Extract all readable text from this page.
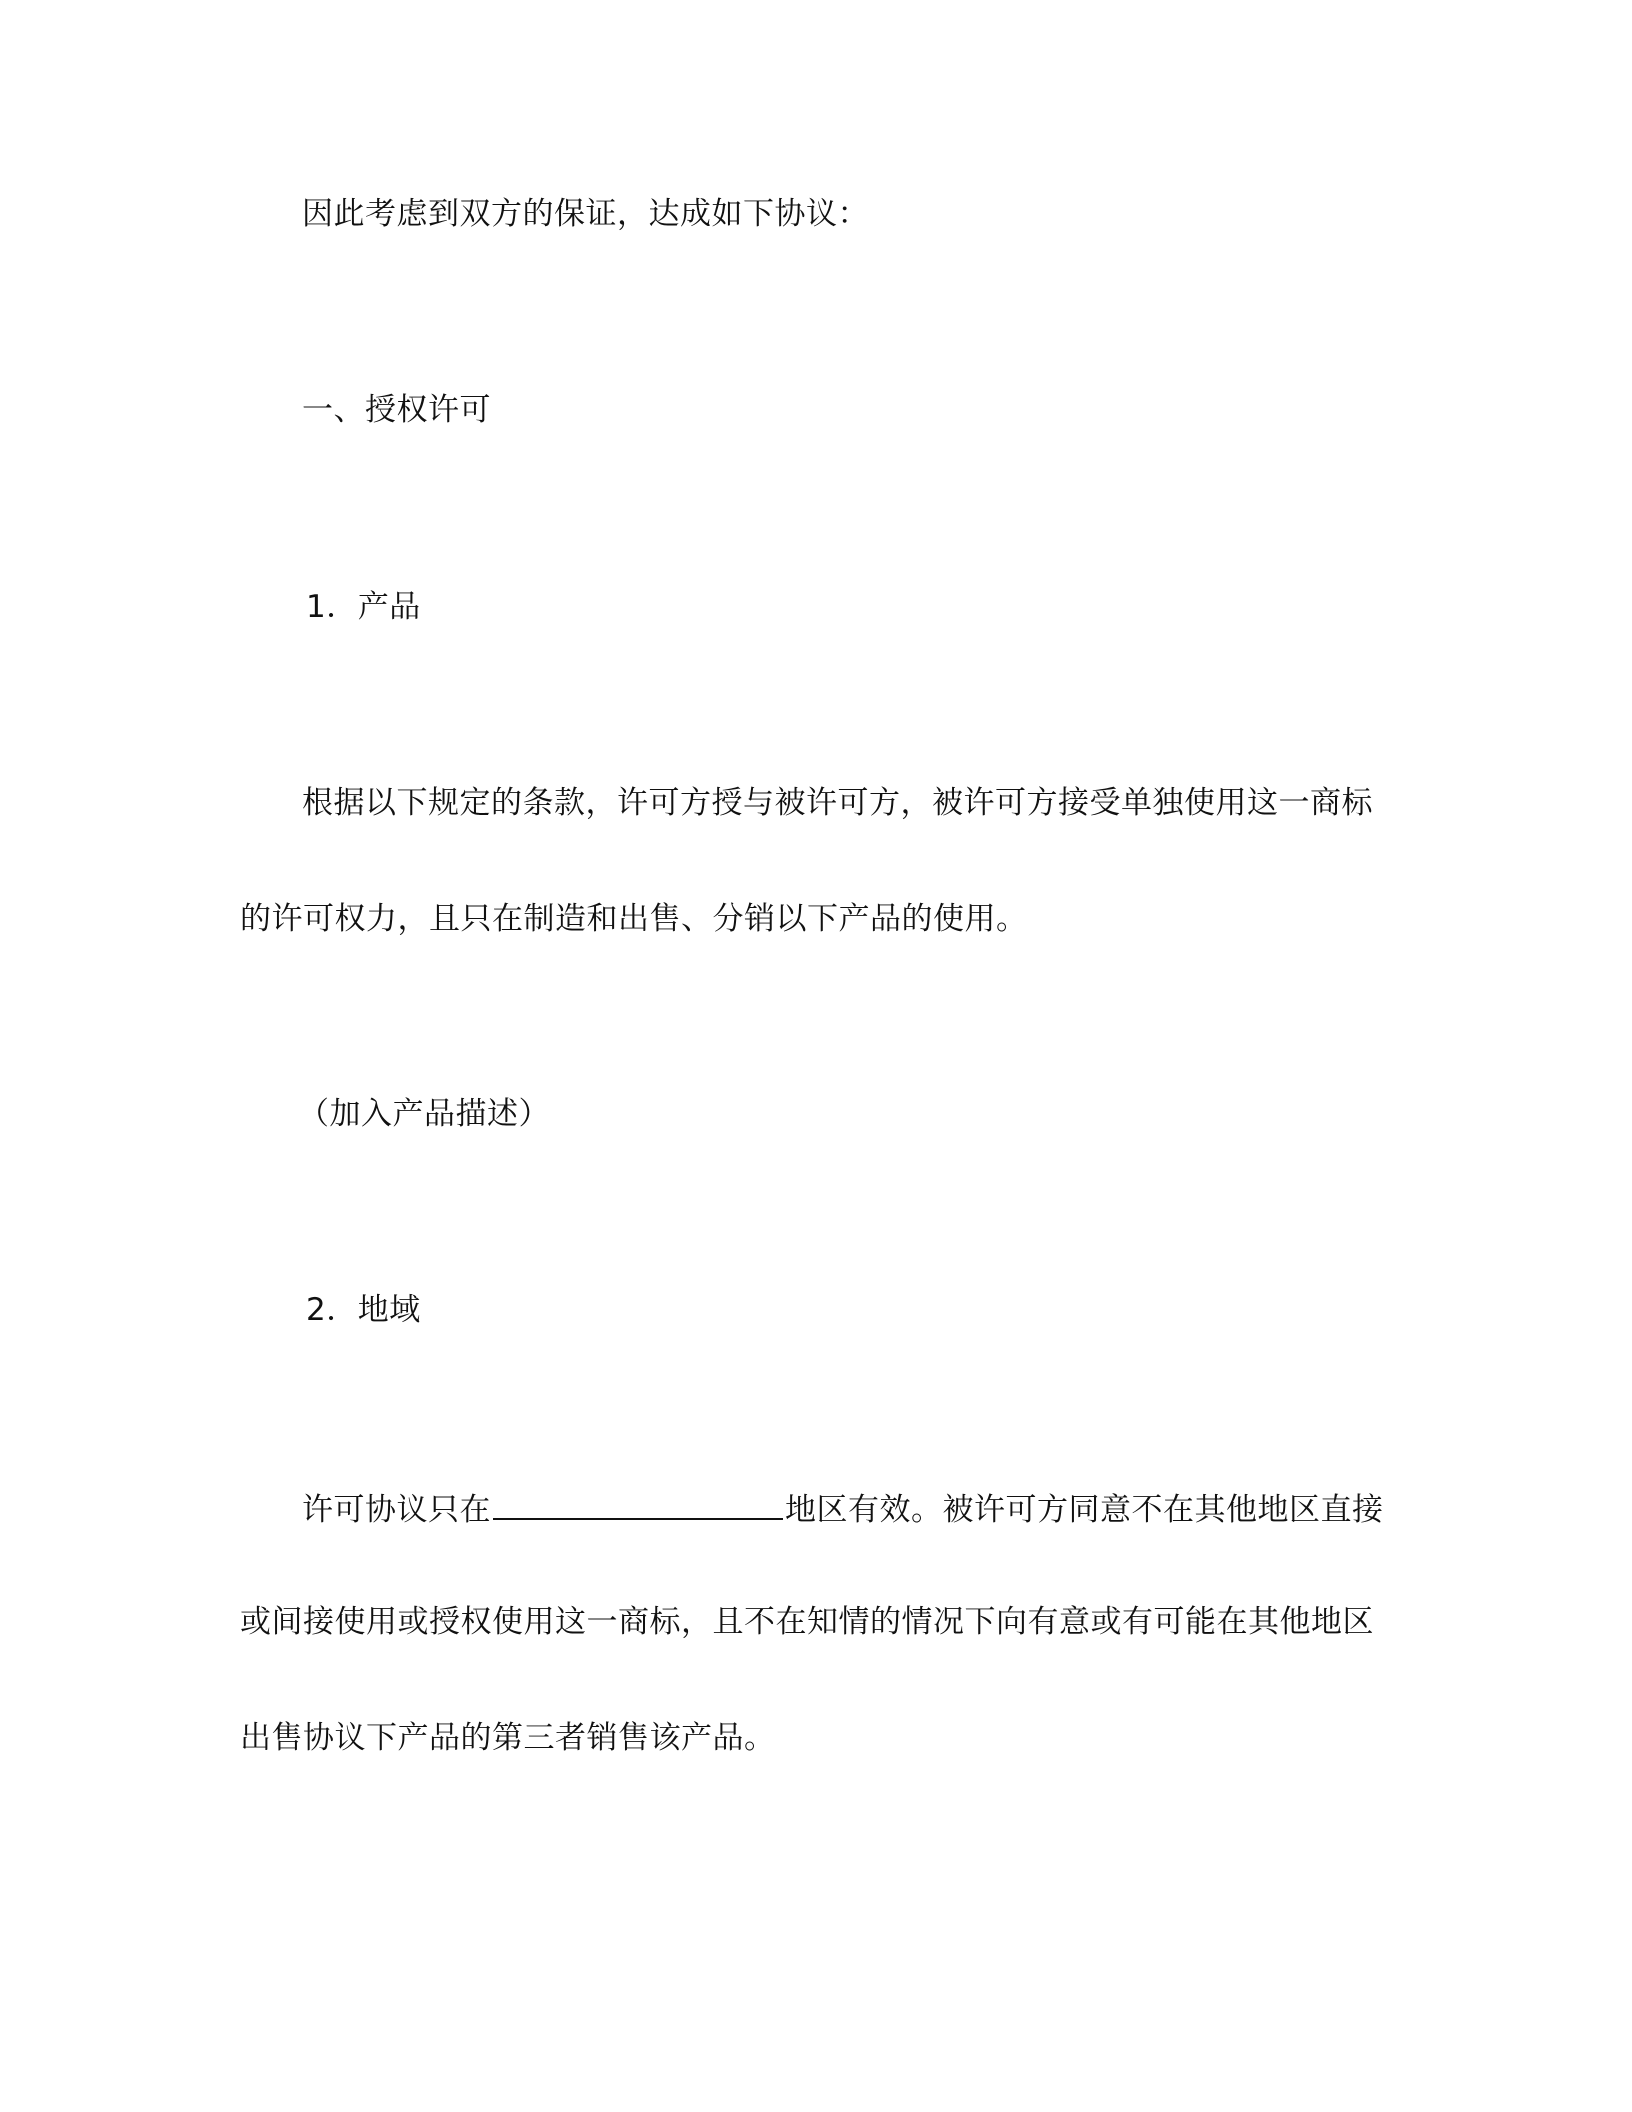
因此考虑到双方的保证，达成如下协议：
一、授权许可
1．产品
根据以下规定的条款，许可方授与被许可方，被许可方接受单独使用这一商标
的许可权力，且只在制造和出售、分销以下产品的使用。
（加入产品描述）
2．地域
许可协议只在	地区有效。被许可方同意不在其他地区直接
或间接使用或授权使用这一商标，且不在知情的情况下向有意或有可能在其他地区
出售协议下产品的第三者销售该产品。
